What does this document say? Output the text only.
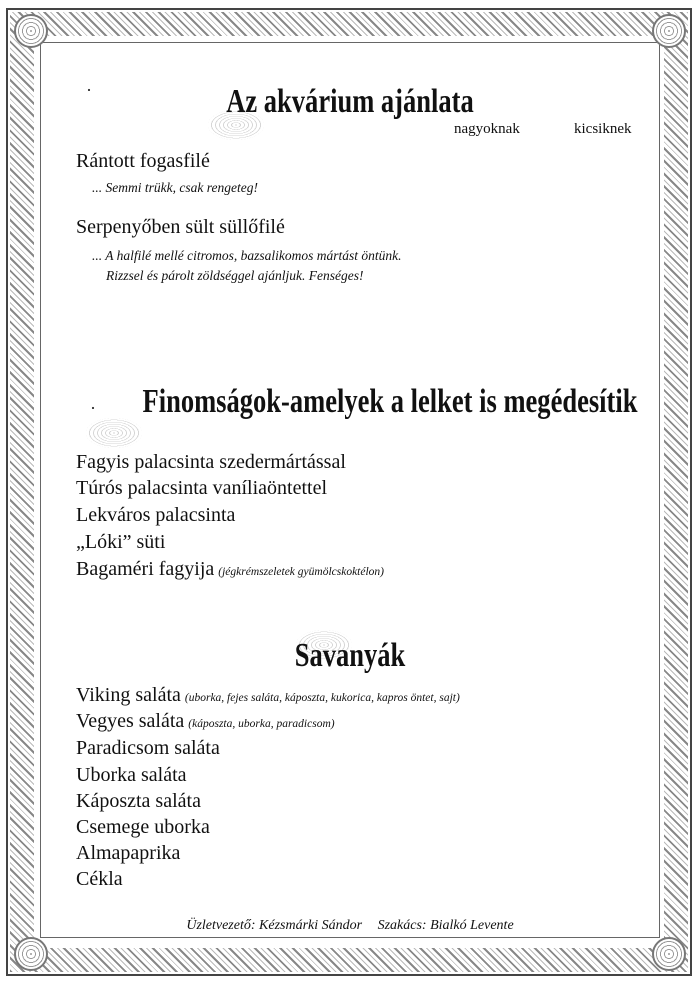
·
·
Az akvárium ajánlata
nagyoknak	kicsiknek
Rántott fogasfilé
... Semmi trükk, csak rengeteg!
Serpenyőben sült süllőfilé
... A halfilé mellé citromos, bazsalikomos mártást öntünk.
Rizzsel és párolt zöldséggel ajánljuk. Fenséges!
Finomságok-amelyek a lelket is megédesítik
Fagyis palacsinta szedermártással
Túrós palacsinta vaníliaöntettel
Lekváros palacsinta
„Lóki” süti
Bagaméri fagyija (jégkrémszeletek gyümölcskoktélon)
Savanyák
Viking saláta (uborka, fejes saláta, káposzta, kukorica, kapros öntet, sajt)
Vegyes saláta (káposzta, uborka, paradicsom)
Paradicsom saláta
Uborka saláta
Káposzta saláta
Csemege uborka
Almapaprika
Cékla
Üzletvezető: Kézsmárki Sándor Szakács: Bialkó Levente
